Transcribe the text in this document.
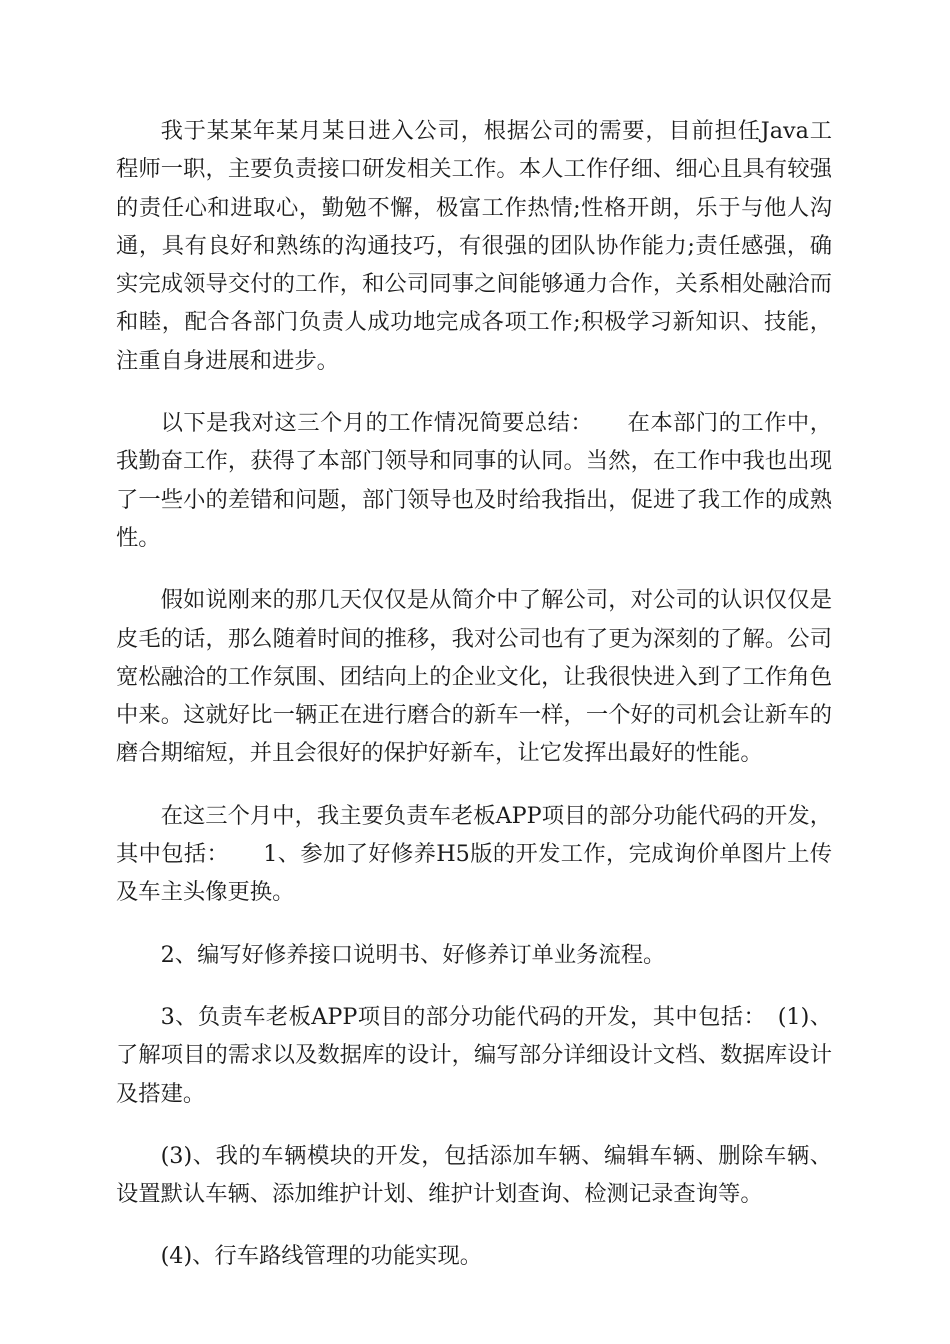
我于某某年某月某日进入公司，根据公司的需要，目前担任Java工程师一职，主要负责接口研发相关工作。本人工作仔细、细心且具有较强的责任心和进取心，勤勉不懈，极富工作热情;性格开朗，乐于与他人沟通，具有良好和熟练的沟通技巧，有很强的团队协作能力;责任感强，确实完成领导交付的工作，和公司同事之间能够通力合作，关系相处融洽而和睦，配合各部门负责人成功地完成各项工作;积极学习新知识、技能，注重自身进展和进步。

以下是我对这三个月的工作情况简要总结：　　在本部门的工作中，我勤奋工作，获得了本部门领导和同事的认同。当然，在工作中我也出现了一些小的差错和问题，部门领导也及时给我指出，促进了我工作的成熟性。

假如说刚来的那几天仅仅是从简介中了解公司，对公司的认识仅仅是皮毛的话，那么随着时间的推移，我对公司也有了更为深刻的了解。公司宽松融洽的工作氛围、团结向上的企业文化，让我很快进入到了工作角色中来。这就好比一辆正在进行磨合的新车一样，一个好的司机会让新车的磨合期缩短，并且会很好的保护好新车，让它发挥出最好的性能。

在这三个月中，我主要负责车老板APP项目的部分功能代码的开发，其中包括：　　1、参加了好修养H5版的开发工作，完成询价单图片上传及车主头像更换。

2、编写好修养接口说明书、好修养订单业务流程。

3、负责车老板APP项目的部分功能代码的开发，其中包括：　(1)、了解项目的需求以及数据库的设计，编写部分详细设计文档、数据库设计及搭建。

(3)、我的车辆模块的开发，包括添加车辆、编辑车辆、删除车辆、设置默认车辆、添加维护计划、维护计划查询、检测记录查询等。

(4)、行车路线管理的功能实现。
